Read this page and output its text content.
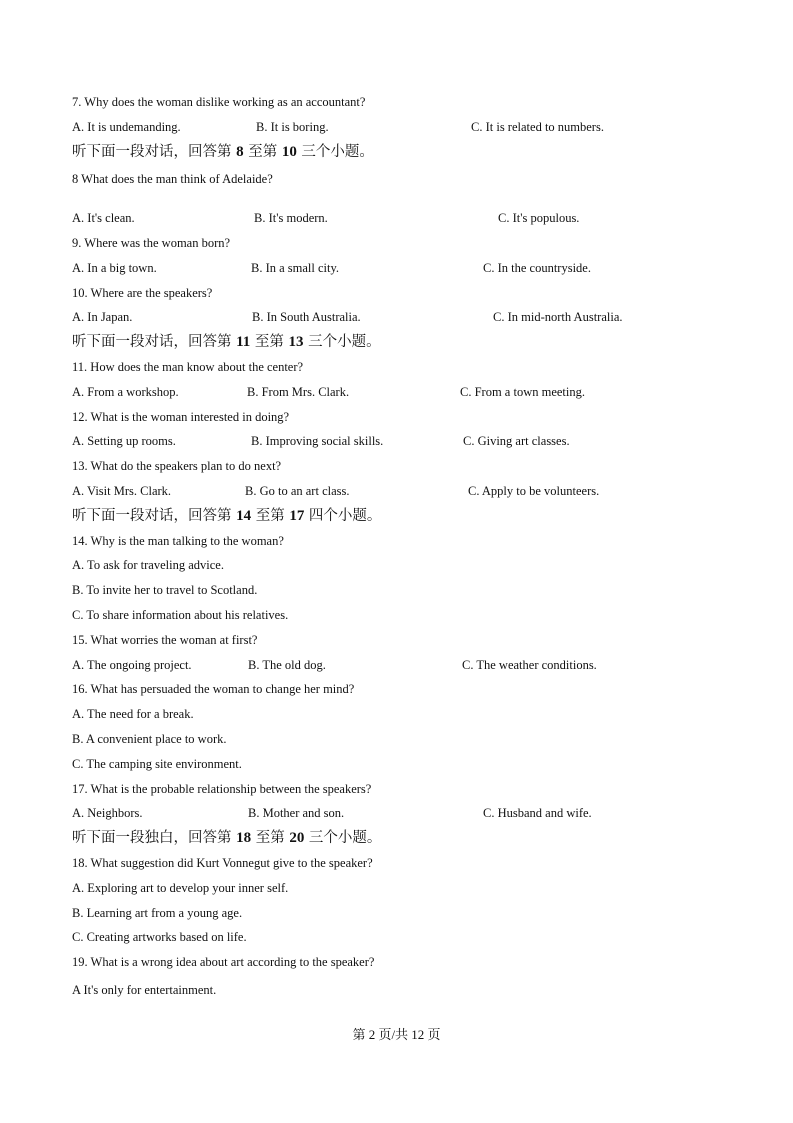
7. Why does the woman dislike working as an accountant?
A. It is undemanding.	B. It is boring.	C. It is related to numbers.
听下面一段对话，回答第 8 至第 10 三个小题。
8 What does the man think of Adelaide?
A. It's clean.	B. It's modern.	C. It's populous.
9. Where was the woman born?
A. In a big town.	B. In a small city.	C. In the countryside.
10. Where are the speakers?
A. In Japan.	B. In South Australia.	C. In mid-north Australia.
听下面一段对话，回答第 11 至第 13 三个小题。
11. How does the man know about the center?
A. From a workshop.	B. From Mrs. Clark.	C. From a town meeting.
12. What is the woman interested in doing?
A. Setting up rooms.	B. Improving social skills.	C. Giving art classes.
13. What do the speakers plan to do next?
A. Visit Mrs. Clark.	B. Go to an art class.	C. Apply to be volunteers.
听下面一段对话，回答第 14 至第 17 四个小题。
14. Why is the man talking to the woman?
A. To ask for traveling advice.
B. To invite her to travel to Scotland.
C. To share information about his relatives.
15. What worries the woman at first?
A. The ongoing project.	B. The old dog.	C. The weather conditions.
16. What has persuaded the woman to change her mind?
A. The need for a break.
B. A convenient place to work.
C. The camping site environment.
17. What is the probable relationship between the speakers?
A. Neighbors.	B. Mother and son.	C. Husband and wife.
听下面一段独白，回答第 18 至第 20 三个小题。
18. What suggestion did Kurt Vonnegut give to the speaker?
A. Exploring art to develop your inner self.
B. Learning art from a young age.
C. Creating artworks based on life.
19. What is a wrong idea about art according to the speaker?
A It's only for entertainment.
第 2 页/共 12 页
